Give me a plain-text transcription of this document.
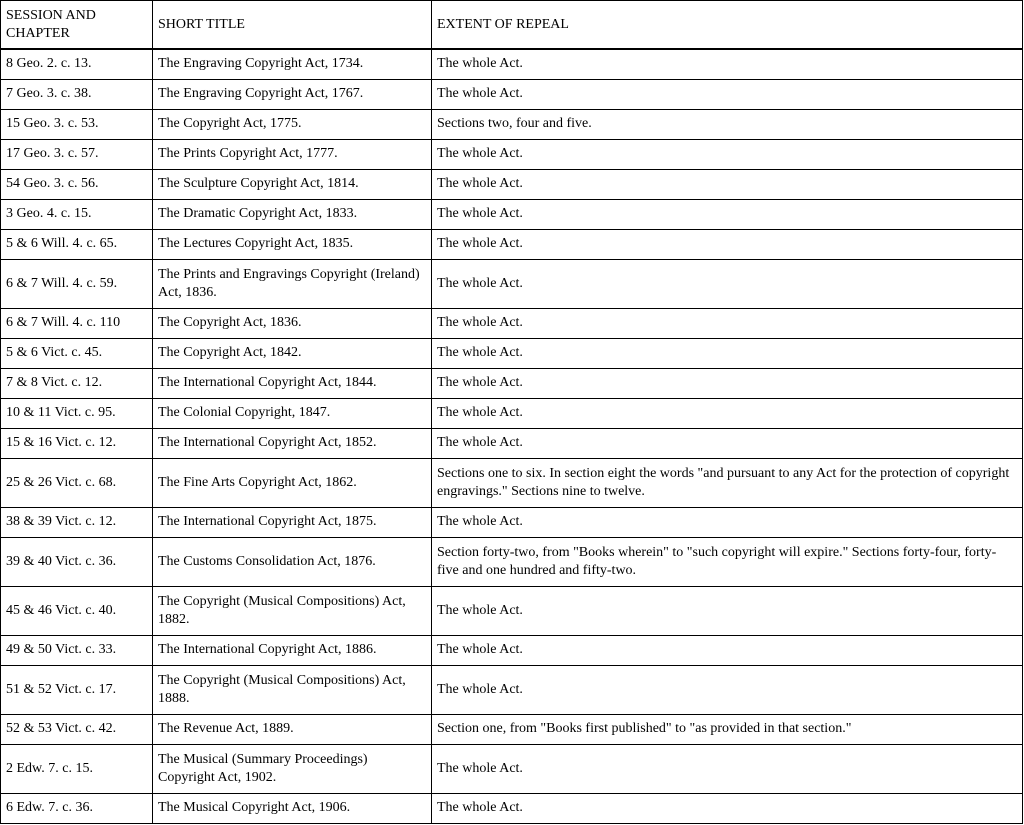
SESSION AND CHAPTER	SHORT TITLE	EXTENT OF REPEAL
8 Geo. 2. c. 13.	The Engraving Copyright Act, 1734.	The whole Act.
7 Geo. 3. c. 38.	The Engraving Copyright Act, 1767.	The whole Act.
15 Geo. 3. c. 53.	The Copyright Act, 1775.	Sections two, four and five.
17 Geo. 3. c. 57.	The Prints Copyright Act, 1777.	The whole Act.
54 Geo. 3. c. 56.	The Sculpture Copyright Act, 1814.	The whole Act.
3 Geo. 4. c. 15.	The Dramatic Copyright Act, 1833.	The whole Act.
5 & 6 Will. 4. c. 65.	The Lectures Copyright Act, 1835.	The whole Act.
6 & 7 Will. 4. c. 59.	The Prints and Engravings Copyright (Ireland) Act, 1836.	The whole Act.
6 & 7 Will. 4. c. 110	The Copyright Act, 1836.	The whole Act.
5 & 6 Vict. c. 45.	The Copyright Act, 1842.	The whole Act.
7 & 8 Vict. c. 12.	The International Copyright Act, 1844.	The whole Act.
10 & 11 Vict. c. 95.	The Colonial Copyright, 1847.	The whole Act.
15 & 16 Vict. c. 12.	The International Copyright Act, 1852.	The whole Act.
25 & 26 Vict. c. 68.	The Fine Arts Copyright Act, 1862.	Sections one to six. In section eight the words "and pursuant to any Act for the protection of copyright engravings." Sections nine to twelve.
38 & 39 Vict. c. 12.	The International Copyright Act, 1875.	The whole Act.
39 & 40 Vict. c. 36.	The Customs Consolidation Act, 1876.	Section forty-two, from "Books wherein" to "such copyright will expire." Sections forty-four, forty-five and one hundred and fifty-two.
45 & 46 Vict. c. 40.	The Copyright (Musical Compositions) Act, 1882.	The whole Act.
49 & 50 Vict. c. 33.	The International Copyright Act, 1886.	The whole Act.
51 & 52 Vict. c. 17.	The Copyright (Musical Compositions) Act, 1888.	The whole Act.
52 & 53 Vict. c. 42.	The Revenue Act, 1889.	Section one, from "Books first published" to "as provided in that section."
2 Edw. 7. c. 15.	The Musical (Summary Proceedings) Copyright Act, 1902.	The whole Act.
6 Edw. 7. c. 36.	The Musical Copyright Act, 1906.	The whole Act.
